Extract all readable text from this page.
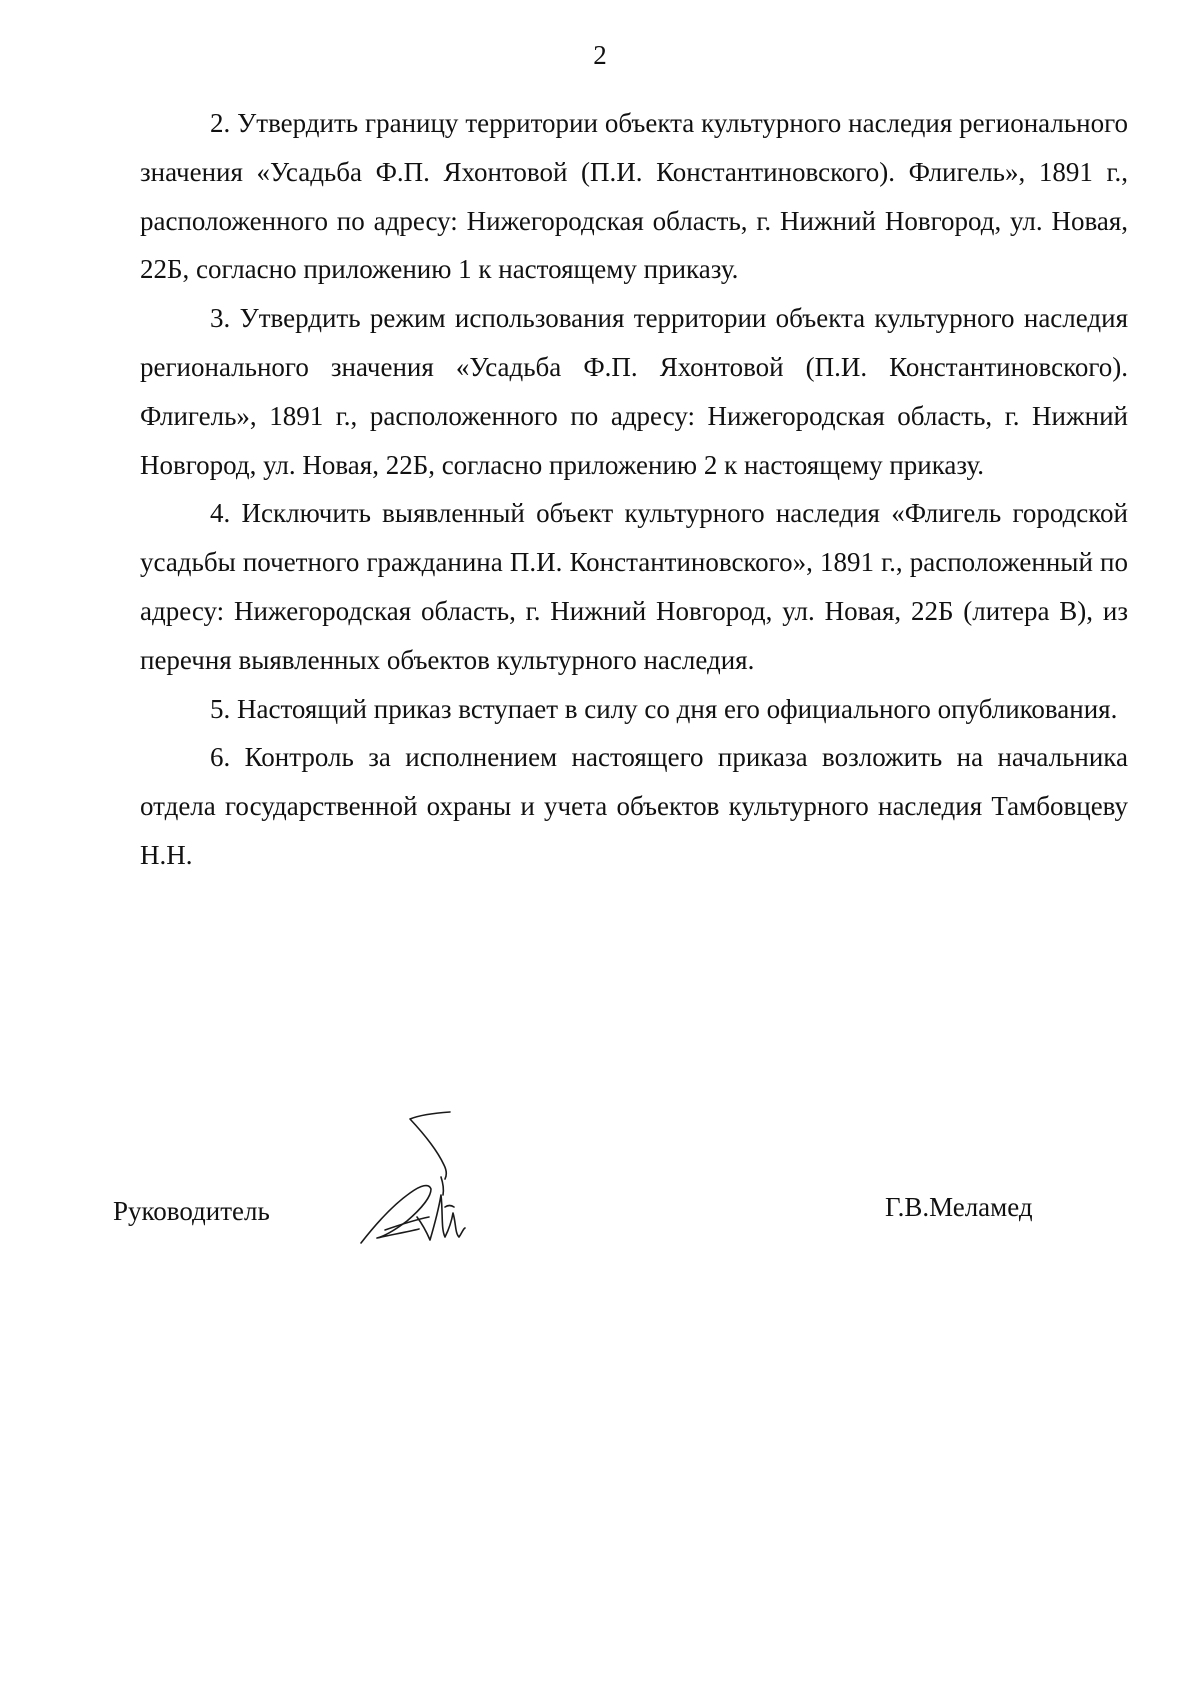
2

2. Утвердить границу территории объекта культурного наследия регионального значения «Усадьба Ф.П. Яхонтовой (П.И. Константиновского). Флигель», 1891 г., расположенного по адресу: Нижегородская область, г. Нижний Новгород, ул. Новая, 22Б, согласно приложению 1 к настоящему приказу.

3. Утвердить режим использования территории объекта культурного наследия регионального значения «Усадьба Ф.П. Яхонтовой (П.И. Константиновского). Флигель», 1891 г., расположенного по адресу: Нижегородская область, г. Нижний Новгород, ул. Новая, 22Б, согласно приложению 2 к настоящему приказу.

4. Исключить выявленный объект культурного наследия «Флигель городской усадьбы почетного гражданина П.И. Константиновского», 1891 г., расположенный по адресу: Нижегородская область, г. Нижний Новгород, ул. Новая, 22Б (литера В), из перечня выявленных объектов культурного наследия.

5. Настоящий приказ вступает в силу со дня его официального опубликования.

6. Контроль за исполнением настоящего приказа возложить на начальника отдела государственной охраны и учета объектов культурного наследия Тамбовцеву Н.Н.

Руководитель	Г.В.Меламед
